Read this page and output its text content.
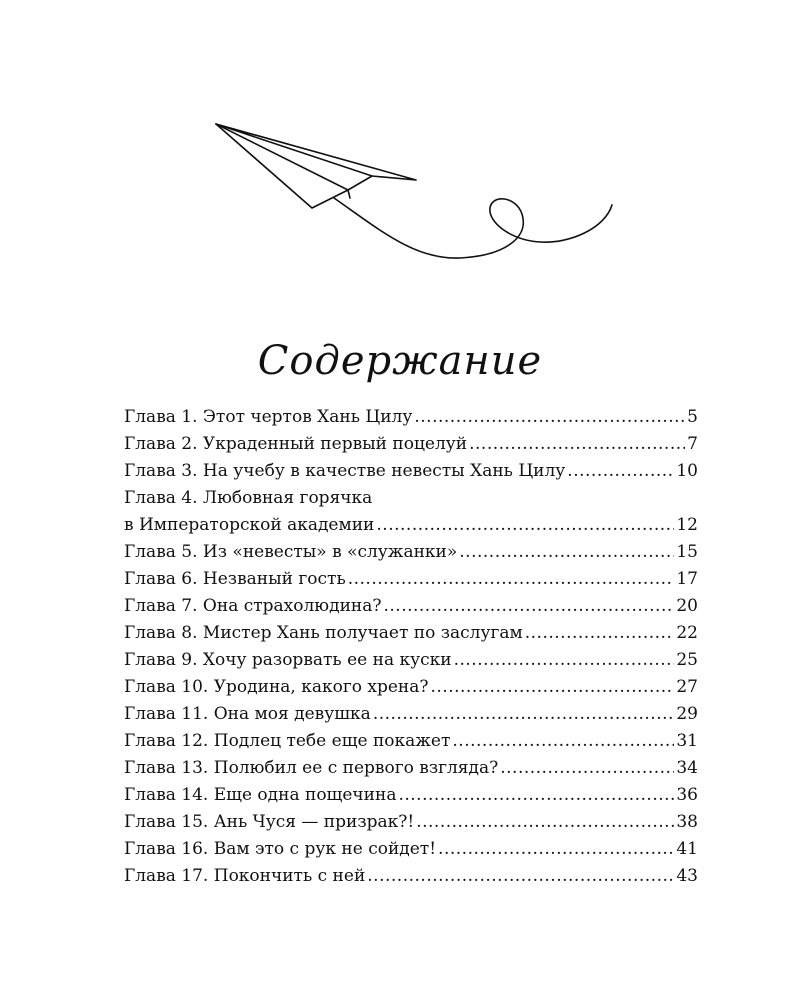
Содержание
Глава 1. Этот чертов Хань Цилу .....	5
Глава 2. Украденный первый поцелуй .....	7
Глава 3. На учебу в качестве невесты Хань Цилу .....	10
Глава 4. Любовная горячка
в Императорской академии .....	12
Глава 5. Из «невесты» в «служанки» .....	15
Глава 6. Незваный гость .....	17
Глава 7. Она страхолюдина? .....	20
Глава 8. Мистер Хань получает по заслугам .....	22
Глава 9. Хочу разорвать ее на куски .....	25
Глава 10. Уродина, какого хрена? .....	27
Глава 11. Она моя девушка .....	29
Глава 12. Подлец тебе еще покажет .....	31
Глава 13. Полюбил ее с первого взгляда? .....	34
Глава 14. Еще одна пощечина .....	36
Глава 15. Ань Чуся — призрак?! .....	38
Глава 16. Вам это с рук не сойдет! .....	41
Глава 17. Покончить с ней .....	43
